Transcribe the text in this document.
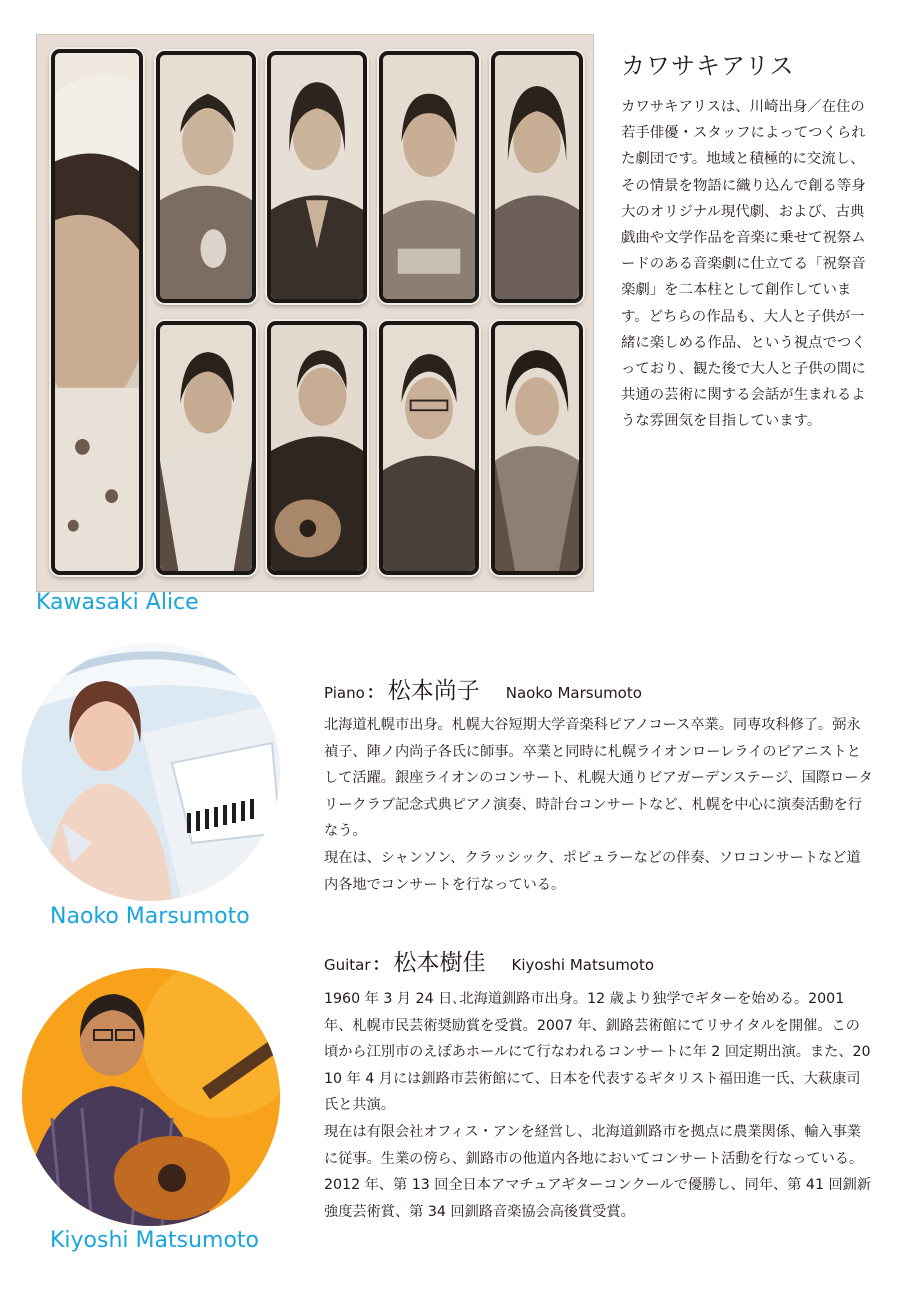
Kawasaki Alice
カワサキアリス

カワサキアリスは、川崎出身／在住の若手俳優・スタッフによってつくられた劇団です。地域と積極的に交流し、その情景を物語に織り込んで創る等身大のオリジナル現代劇、および、古典戯曲や文学作品を音楽に乗せて祝祭ムードのある音楽劇に仕立てる「祝祭音楽劇」を二本柱として創作しています。どちらの作品も、大人と子供が一緒に楽しめる作品、という視点でつくっており、観た後で大人と子供の間に共通の芸術に関する会話が生まれるような雰囲気を目指しています。

Naoko Marsumoto
Piano ： 松本尚子 Naoko Marsumoto

北海道札幌市出身。札幌大谷短期大学音楽科ピアノコース卒業。同専攻科修了。弼永禎子、陣ノ内尚子各氏に師事。卒業と同時に札幌ライオンローレライのピアニストとして活躍。銀座ライオンのコンサート、札幌大通りビアガーデンステージ、国際ロータリークラブ記念式典ピアノ演奏、時計台コンサートなど、札幌を中心に演奏活動を行なう。

現在は、シャンソン、クラッシック、ポピュラーなどの伴奏、ソロコンサートなど道内各地でコンサートを行なっている。

Kiyoshi Matsumoto
Guitar ： 松本樹佳 Kiyoshi Matsumoto

1960 年 3 月 24 日､北海道釧路市出身。12 歳より独学でギターを始める。2001 年、札幌市民芸術奨励賞を受賞。2007 年、釧路芸術館にてリサイタルを開催。この頃から江別市のえぽあホールにて行なわれるコンサートに年 2 回定期出演。また、2010 年 4 月には釧路市芸術館にて、日本を代表するギタリスト福田進一氏、大萩康司氏と共演。

現在は有限会社オフィス・アンを経営し、北海道釧路市を拠点に農業関係、輸入事業に従事。生業の傍ら、釧路市の他道内各地においてコンサート活動を行なっている。

2012 年、第 13 回全日本アマチュアギターコンクールで優勝し、同年、第 41 回釧新強度芸術賞、第 34 回釧路音楽協会高後賞受賞。
